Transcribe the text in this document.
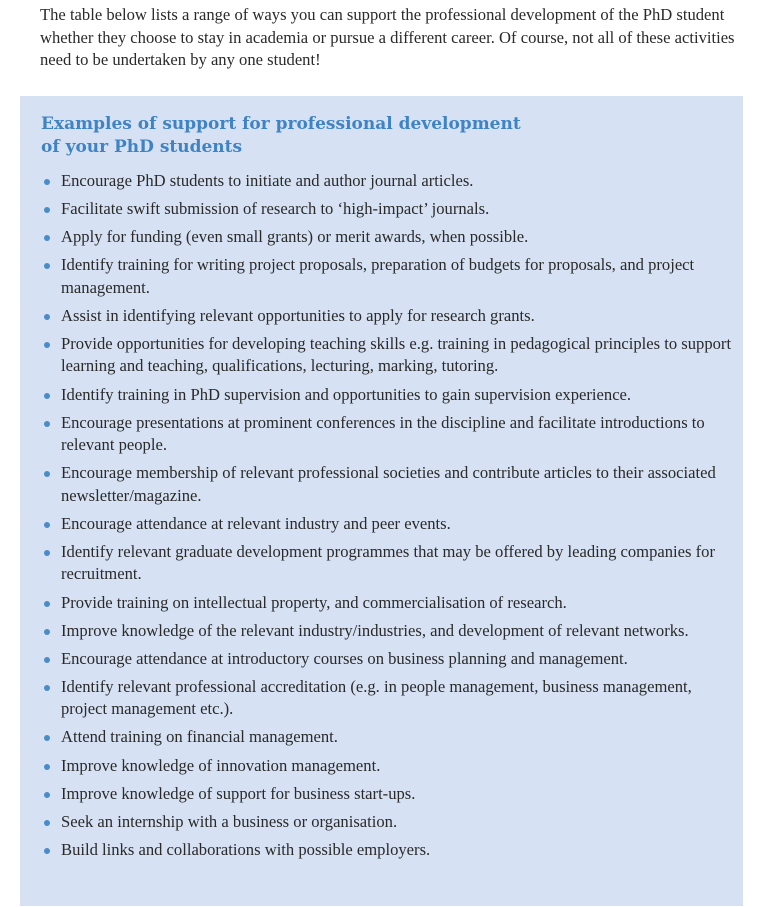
The table below lists a range of ways you can support the professional development of the PhD student whether they choose to stay in academia or pursue a different career. Of course, not all of these activities need to be undertaken by any one student!

Examples of support for professional development
of your PhD students
Encourage PhD students to initiate and author journal articles.
Facilitate swift submission of research to ‘high-impact’ journals.
Apply for funding (even small grants) or merit awards, when possible.
Identify training for writing project proposals, preparation of budgets for proposals, and project management.
Assist in identifying relevant opportunities to apply for research grants.
Provide opportunities for developing teaching skills e.g. training in pedagogical principles to support learning and teaching, qualifications, lecturing, marking, tutoring.
Identify training in PhD supervision and opportunities to gain supervision experience.
Encourage presentations at prominent conferences in the discipline and facilitate introductions to relevant people.
Encourage membership of relevant professional societies and contribute articles to their associated newsletter/magazine.
Encourage attendance at relevant industry and peer events.
Identify relevant graduate development programmes that may be offered by leading companies for recruitment.
Provide training on intellectual property, and commercialisation of research.
Improve knowledge of the relevant industry/industries, and development of relevant networks.
Encourage attendance at introductory courses on business planning and management.
Identify relevant professional accreditation (e.g. in people management, business management, project management etc.).
Attend training on financial management.
Improve knowledge of innovation management.
Improve knowledge of support for business start-ups.
Seek an internship with a business or organisation.
Build links and collaborations with possible employers.
